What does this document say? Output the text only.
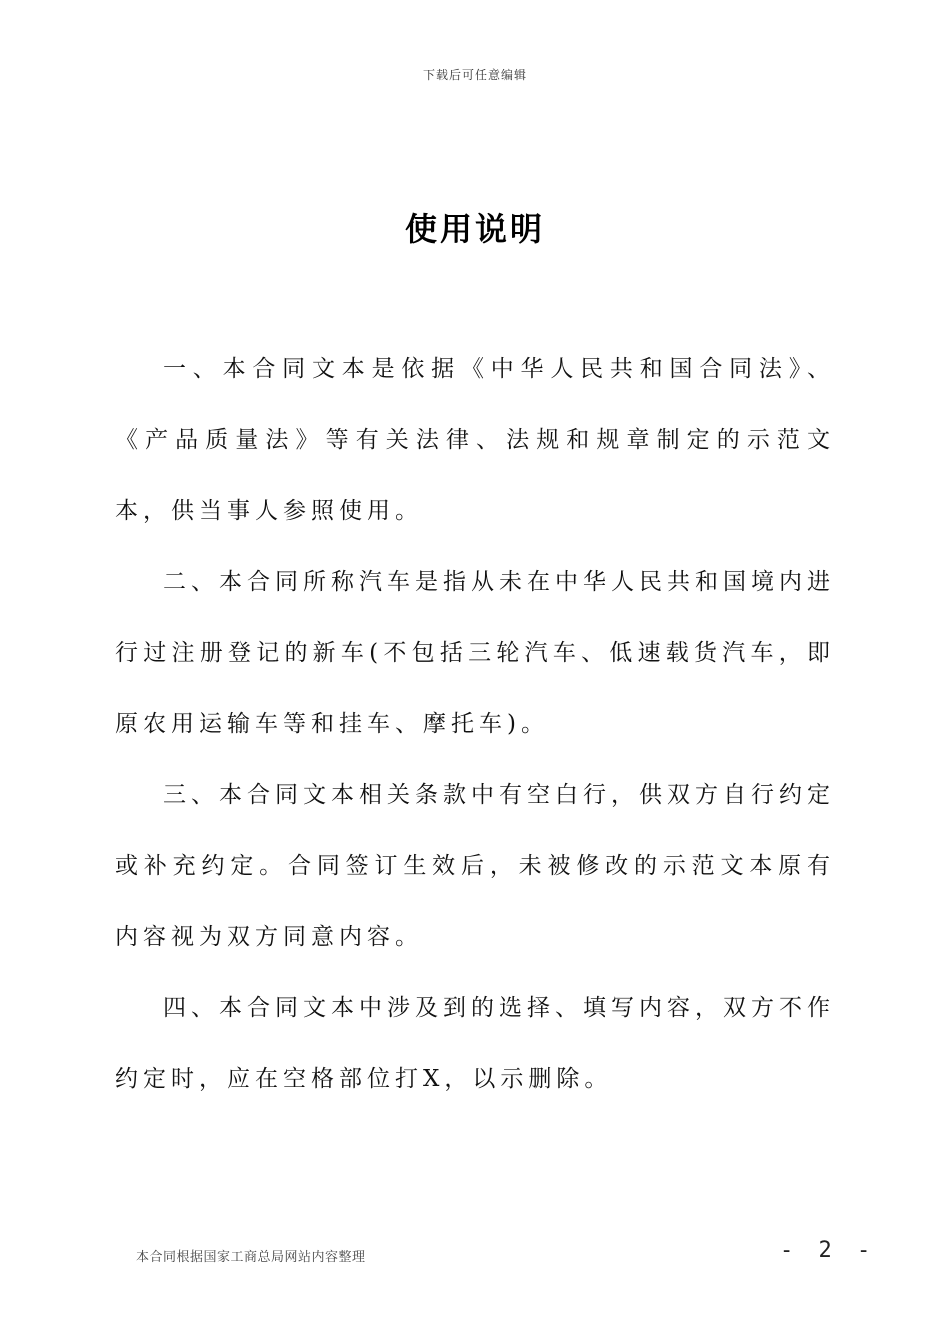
下载后可任意编辑
使用说明

一、本合同文本是依据《中华人民共和国合同法》、《产品质量法》等有关法律、法规和规章制定的示范文本，供当事人参照使用。

二、本合同所称汽车是指从未在中华人民共和国境内进行过注册登记的新车(不包括三轮汽车、低速载货汽车，即原农用运输车等和挂车、摩托车)。

三、本合同文本相关条款中有空白行，供双方自行约定或补充约定。合同签订生效后，未被修改的示范文本原有内容视为双方同意内容。

四、本合同文本中涉及到的选择、填写内容，双方不作约定时，应在空格部位打X，以示删除。

本合同根据国家工商总局网站内容整理	- 2 -
